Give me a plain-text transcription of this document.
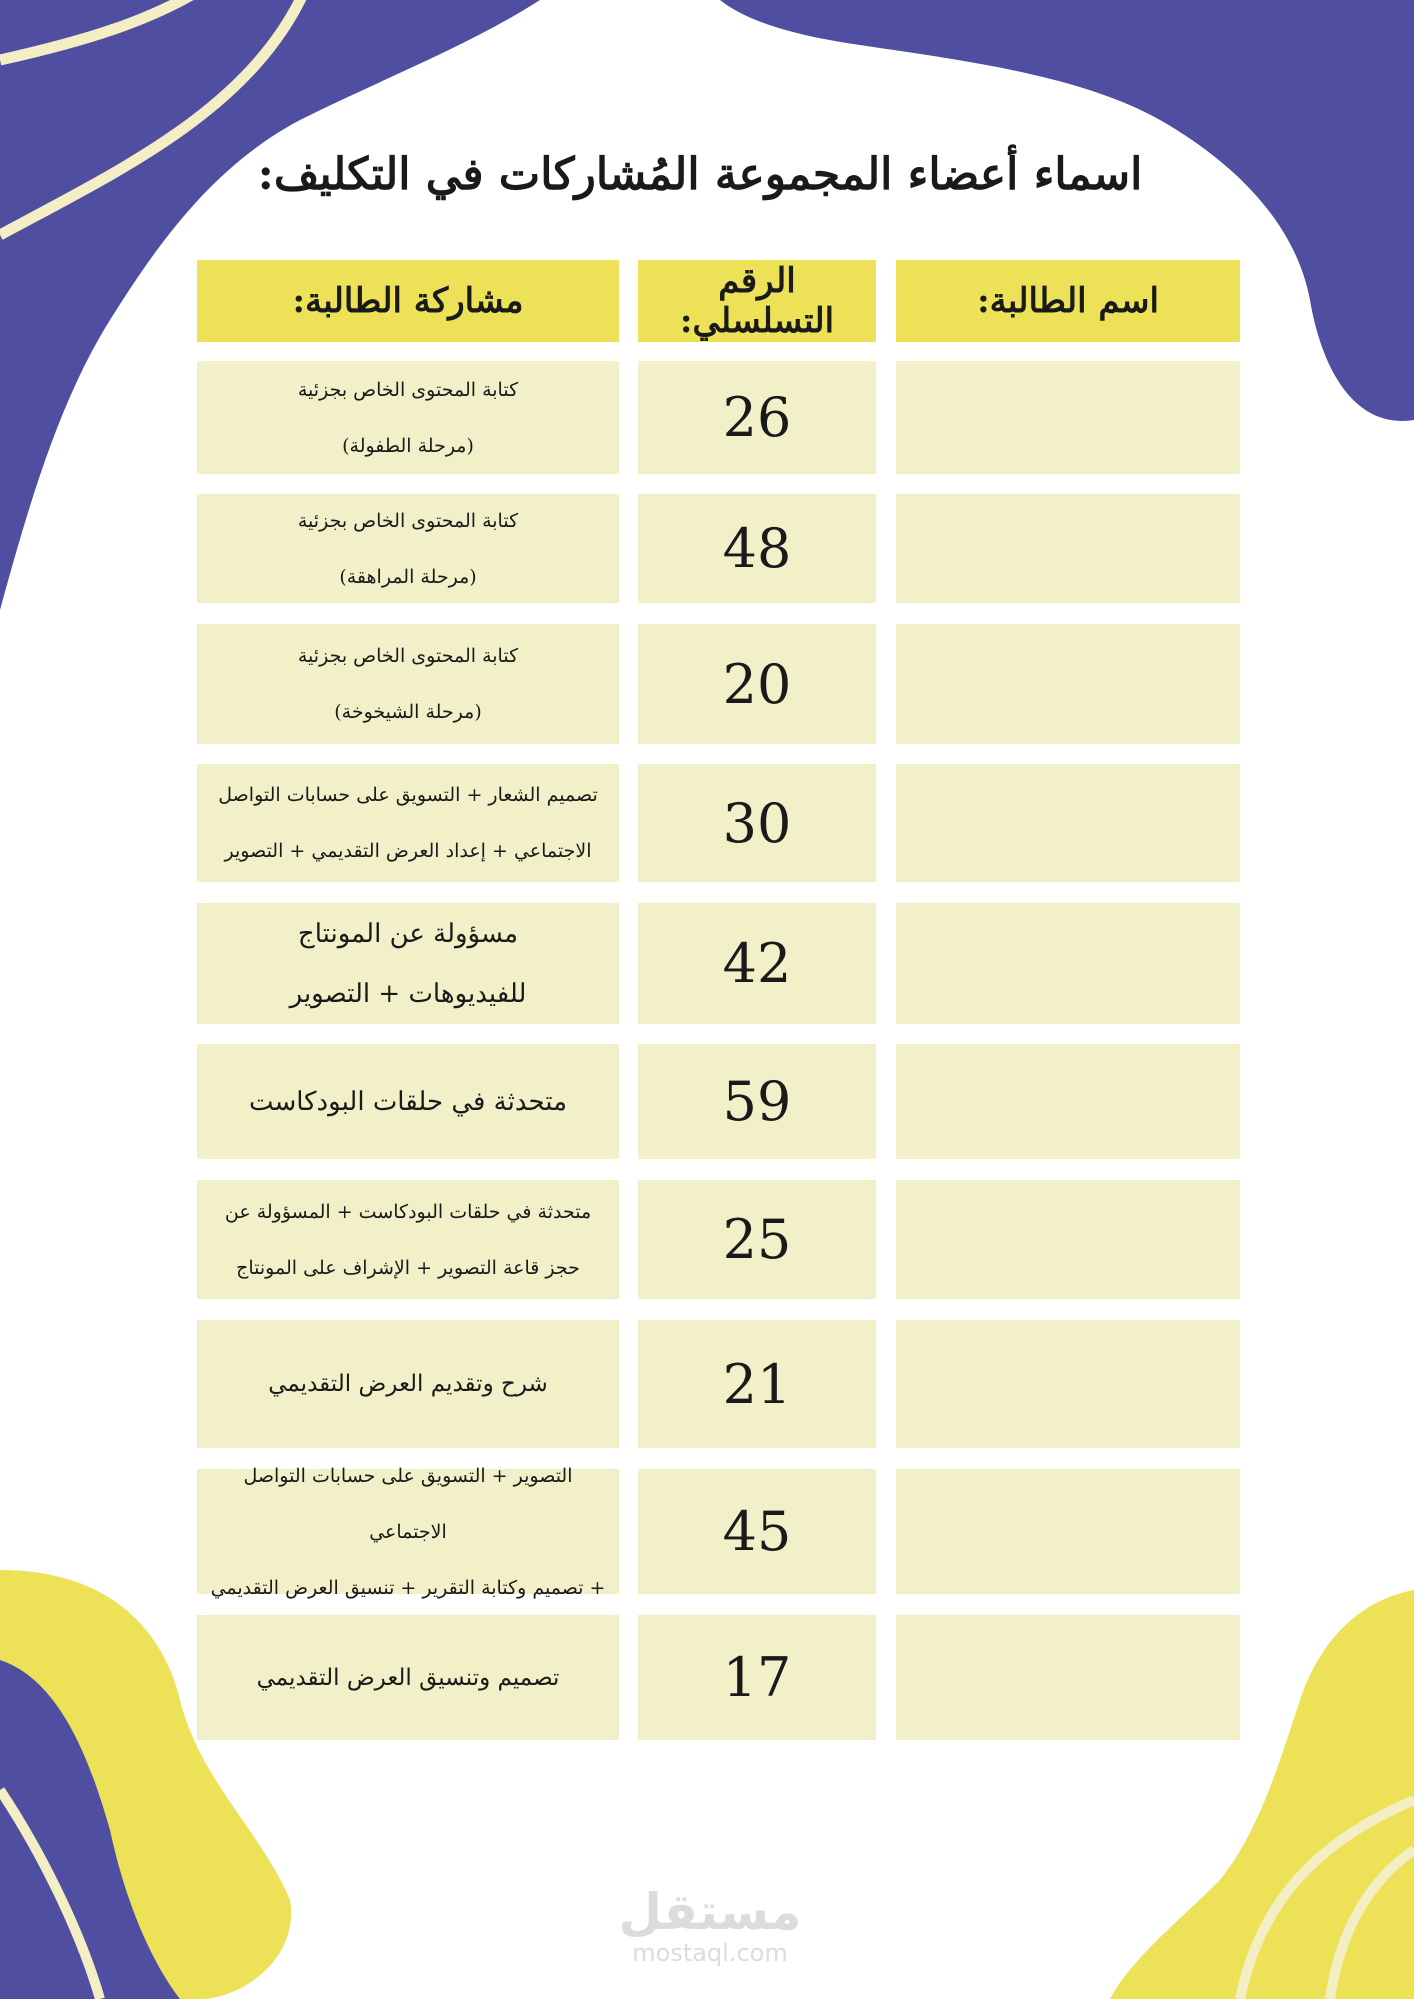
اسماء أعضاء المجموعة المُشاركات في التكليف:
اسم الطالبة:
الرقم التسلسلي:
مشاركة الطالبة:
26
كتابة المحتوى الخاص بجزئية
(مرحلة الطفولة)
48
كتابة المحتوى الخاص بجزئية
(مرحلة المراهقة)
20
كتابة المحتوى الخاص بجزئية
(مرحلة الشيخوخة)
30
تصميم الشعار + التسويق على حسابات التواصل
الاجتماعي + إعداد العرض التقديمي + التصوير
42
مسؤولة عن المونتاج
للفيديوهات + التصوير
59
متحدثة في حلقات البودكاست
25
متحدثة في حلقات البودكاست + المسؤولة عن
حجز قاعة التصوير + الإشراف على المونتاج
21
شرح وتقديم العرض التقديمي
45
التصوير + التسويق على حسابات التواصل الاجتماعي
+ تصميم وكتابة التقرير + تنسيق العرض التقديمي
17
تصميم وتنسيق العرض التقديمي
مستقل
mostaql.com
